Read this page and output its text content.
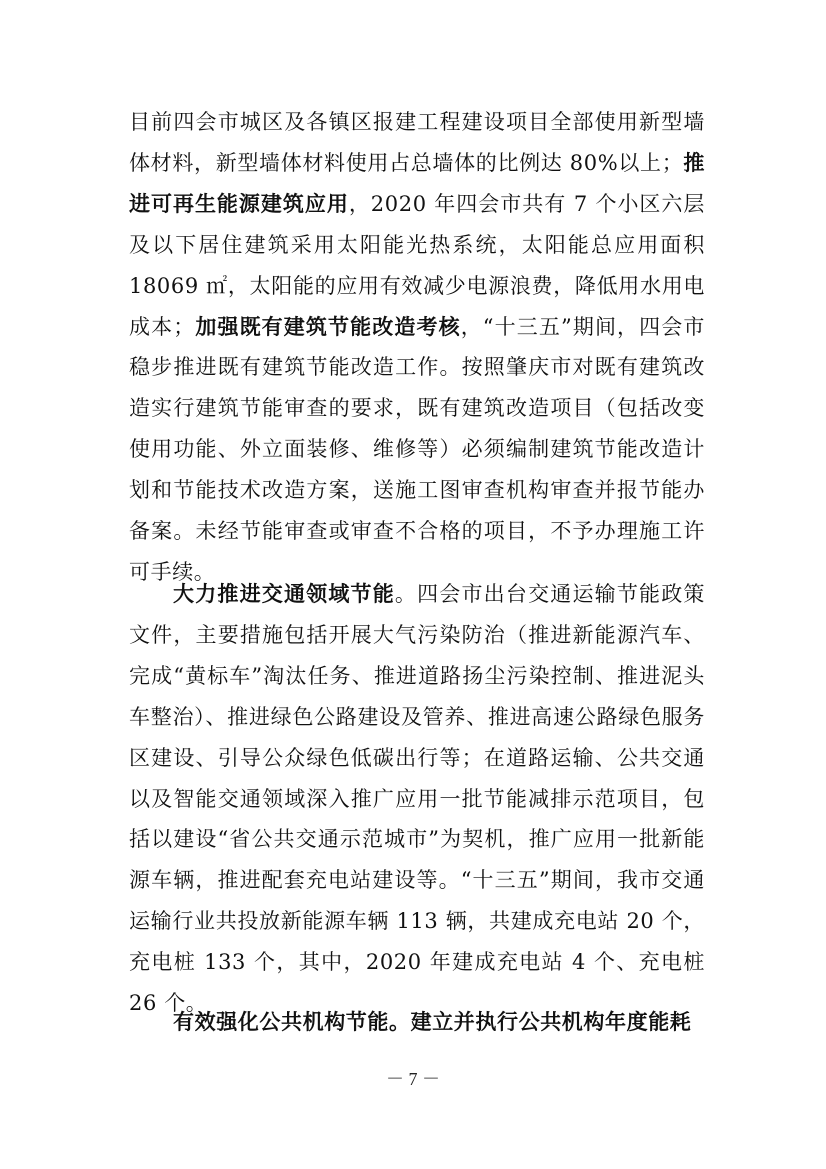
目前四会市城区及各镇区报建工程建设项目全部使用新型墙体材料，新型墙体材料使用占总墙体的比例达 80%以上；推进可再生能源建筑应用，2020 年四会市共有 7 个小区六层及以下居住建筑采用太阳能光热系统，太阳能总应用面积 18069 ㎡，太阳能的应用有效减少电源浪费，降低用水用电成本；加强既有建筑节能改造考核，“十三五”期间，四会市稳步推进既有建筑节能改造工作。按照肇庆市对既有建筑改造实行建筑节能审查的要求，既有建筑改造项目（包括改变使用功能、外立面装修、维修等）必须编制建筑节能改造计划和节能技术改造方案，送施工图审查机构审查并报节能办备案。未经节能审查或审查不合格的项目，不予办理施工许可手续。

大力推进交通领域节能。四会市出台交通运输节能政策文件，主要措施包括开展大气污染防治（推进新能源汽车、完成“黄标车”淘汰任务、推进道路扬尘污染控制、推进泥头车整治）、推进绿色公路建设及管养、推进高速公路绿色服务区建设、引导公众绿色低碳出行等；在道路运输、公共交通以及智能交通领域深入推广应用一批节能减排示范项目，包括以建设“省公共交通示范城市”为契机，推广应用一批新能源车辆，推进配套充电站建设等。“十三五”期间，我市交通运输行业共投放新能源车辆 113 辆，共建成充电站 20 个，充电桩 133 个，其中，2020 年建成充电站 4 个、充电桩 26 个。

有效强化公共机构节能。建立并执行公共机构年度能耗

－ 7 －
